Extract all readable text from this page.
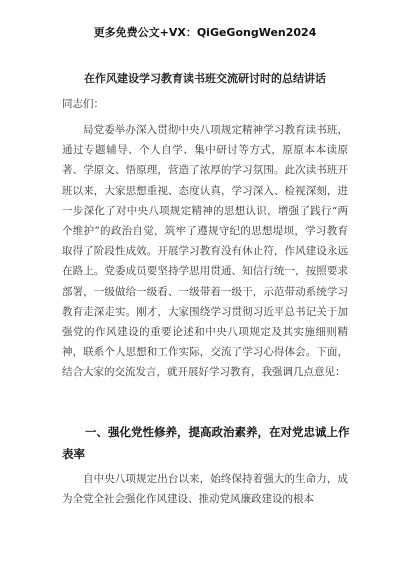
更多免费公文+VX：QiGeGongWen2024
在作风建设学习教育读书班交流研讨时的总结讲话
同志们：

局党委举办深入贯彻中央八项规定精神学习教育读书班，通过专题辅导、个人自学、集中研讨等方式，原原本本读原著、学原文、悟原理，营造了浓厚的学习氛围。此次读书班开班以来，大家思想重视、态度认真，学习深入、检视深刻，进一步深化了对中央八项规定精神的思想认识，增强了践行“两个维护”的政治自觉，筑牢了遵规守纪的思想堤坝，学习教育取得了阶段性成效。开展学习教育没有休止符，作风建设永远在路上。党委成员要坚持学思用贯通、知信行统一，按照要求部署，一级做给一级看、一级带着一级干，示范带动系统学习教育走深走实。刚才，大家围绕学习贯彻习近平总书记关于加强党的作风建设的重要论述和中央八项规定及其实施细则精神，联系个人思想和工作实际，交流了学习心得体会。下面，结合大家的交流发言，就开展好学习教育，我强调几点意见：

一、强化党性修养，提高政治素养，在对党忠诚上作表率

自中央八项规定出台以来，始终保持着强大的生命力，成为全党全社会强化作风建设、推动党风廉政建设的根本
